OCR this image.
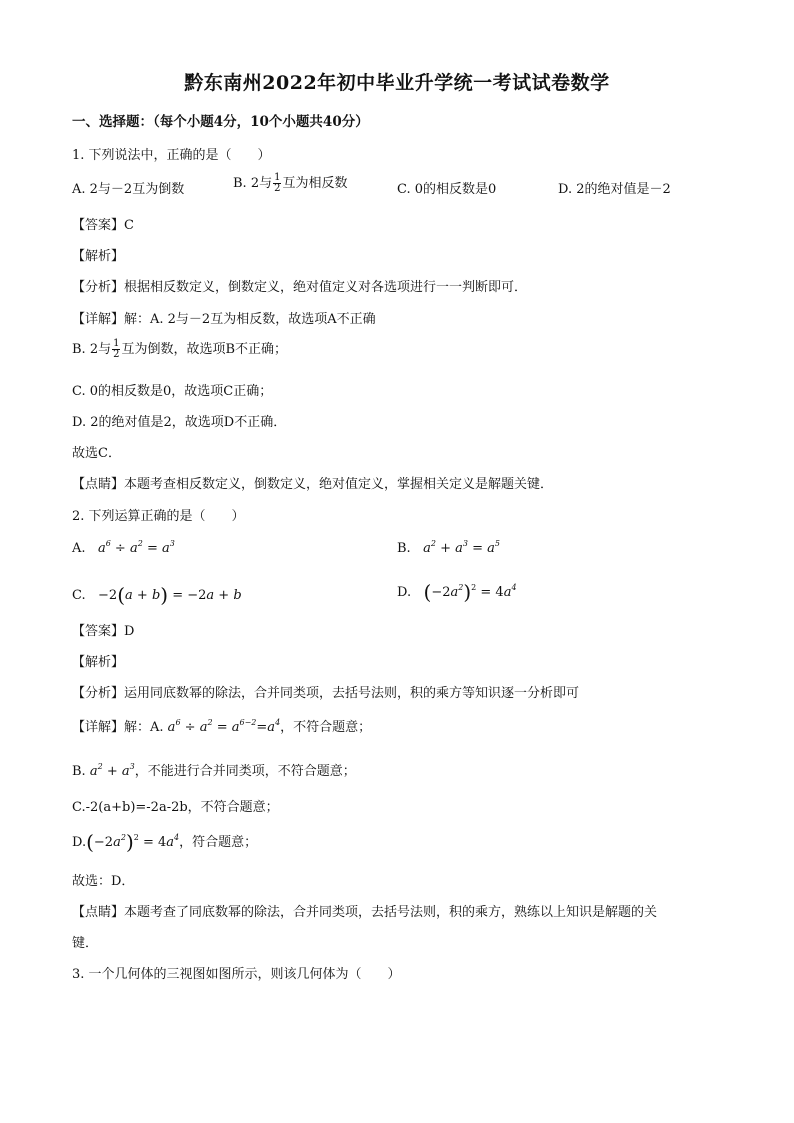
黔东南州2022年初中毕业升学统一考试试卷数学
一、选择题：（每个小题4分，10个小题共40分）
1. 下列说法中，正确的是（　　）
A. 2与－2互为倒数	B. 2与 $\frac{1}{2}$ 互为相反数	C. 0的相反数是0	D. 2的绝对值是－2
【答案】C
【解析】
【分析】根据相反数定义，倒数定义，绝对值定义对各选项进行一一判断即可．
【详解】解：A. 2与－2互为相反数，故选项A不正确
B. 2与 $\frac{1}{2}$ 互为倒数，故选项B不正确；
C. 0的相反数是0，故选项C正确；
D. 2的绝对值是2，故选项D不正确．
故选C．
【点睛】本题考查相反数定义，倒数定义，绝对值定义，掌握相关定义是解题关键．
2. 下列运算正确的是（　　）
A. $a^6 \div a^2 = a^3$	B. $a^2 + a^3 = a^5$
C.   −2(a + b) = −2a + b	D. $(-2a^2)^2 = 4a^4$
【答案】D
【解析】
【分析】运用同底数幂的除法，合并同类项，去括号法则，积的乘方等知识逐一分析即可
【详解】解：A. $a^6 \div a^2 = a^{6-2}=a^4$，不符合题意；
B. $a^2 + a^3$，不能进行合并同类项，不符合题意；
C.-2(a+b)=-2a-2b，不符合题意；
$D.(-2a^2)^2 = 4a^4$，符合题意；
故选：D．
【点睛】本题考查了同底数幂的除法，合并同类项，去括号法则，积的乘方，熟练以上知识是解题的关
键．
3. 一个几何体的三视图如图所示，则该几何体为（　　）
